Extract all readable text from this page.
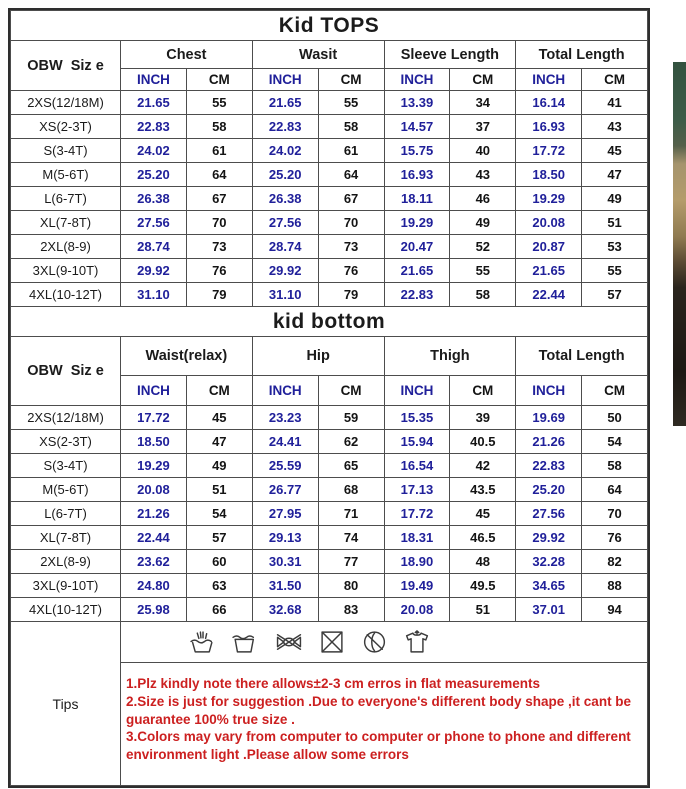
Kid TOPS								
OBW  Siz e	Chest		Wasit		Sleeve Length		Total Length	
	INCH	CM	INCH	CM	INCH	CM	INCH	CM
2XS(12/18M)	21.65	55	21.65	55	13.39	34	16.14	41
XS(2-3T)	22.83	58	22.83	58	14.57	37	16.93	43
S(3-4T)	24.02	61	24.02	61	15.75	40	17.72	45
M(5-6T)	25.20	64	25.20	64	16.93	43	18.50	47
L(6-7T)	26.38	67	26.38	67	18.11	46	19.29	49
XL(7-8T)	27.56	70	27.56	70	19.29	49	20.08	51
2XL(8-9)	28.74	73	28.74	73	20.47	52	20.87	53
3XL(9-10T)	29.92	76	29.92	76	21.65	55	21.65	55
4XL(10-12T)	31.10	79	31.10	79	22.83	58	22.44	57
kid bottom								
OBW  Siz e	Waist(relax)		Hip		Thigh		Total Length	
	INCH	CM	INCH	CM	INCH	CM	INCH	CM
2XS(12/18M)	17.72	45	23.23	59	15.35	39	19.69	50
XS(2-3T)	18.50	47	24.41	62	15.94	40.5	21.26	54
S(3-4T)	19.29	49	25.59	65	16.54	42	22.83	58
M(5-6T)	20.08	51	26.77	68	17.13	43.5	25.20	64
L(6-7T)	21.26	54	27.95	71	17.72	45	27.56	70
XL(7-8T)	22.44	57	29.13	74	18.31	46.5	29.92	76
2XL(8-9)	23.62	60	30.31	77	18.90	48	32.28	82
3XL(9-10T)	24.80	63	31.50	80	19.49	49.5	34.65	88
4XL(10-12T)	25.98	66	32.68	83	20.08	51	37.01	94
Tips	

	1.Plz kindly note there allows±2-3 cm erros in flat measurements

2.Size is just for suggestion .Due to everyone's different body shape ,it cant be guarantee 100% true size .

3.Colors may vary from computer to computer or phone to phone and different environment light .Please allow some errors							
